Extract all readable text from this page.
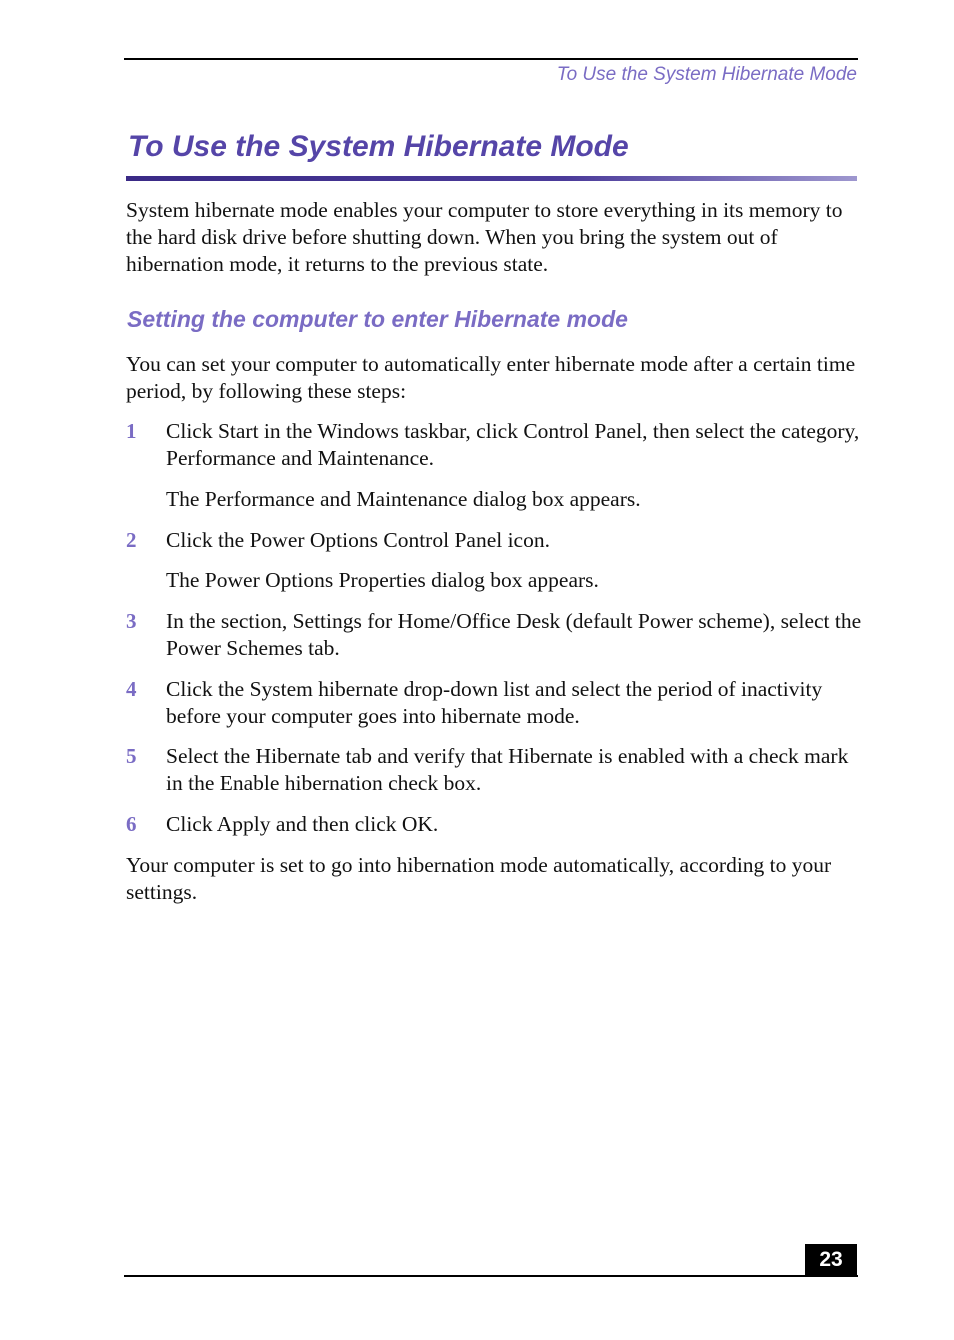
To Use the System Hibernate Mode
To Use the System Hibernate Mode

System hibernate mode enables your computer to store everything in its memory to the hard disk drive before shutting down. When you bring the system out of hibernation mode, it returns to the previous state.

Setting the computer to enter Hibernate mode

You can set your computer to automatically enter hibernate mode after a certain time period, by following these steps:

1 Click Start in the Windows taskbar, click Control Panel, then select the category, Performance and Maintenance.

The Performance and Maintenance dialog box appears.

2 Click the Power Options Control Panel icon.

The Power Options Properties dialog box appears.

3 In the section, Settings for Home/Office Desk (default Power scheme), select the Power Schemes tab.

4 Click the System hibernate drop-down list and select the period of inactivity before your computer goes into hibernate mode.

5 Select the Hibernate tab and verify that Hibernate is enabled with a check mark in the Enable hibernation check box.

6 Click Apply and then click OK.

Your computer is set to go into hibernation mode automatically, according to your settings.

23
